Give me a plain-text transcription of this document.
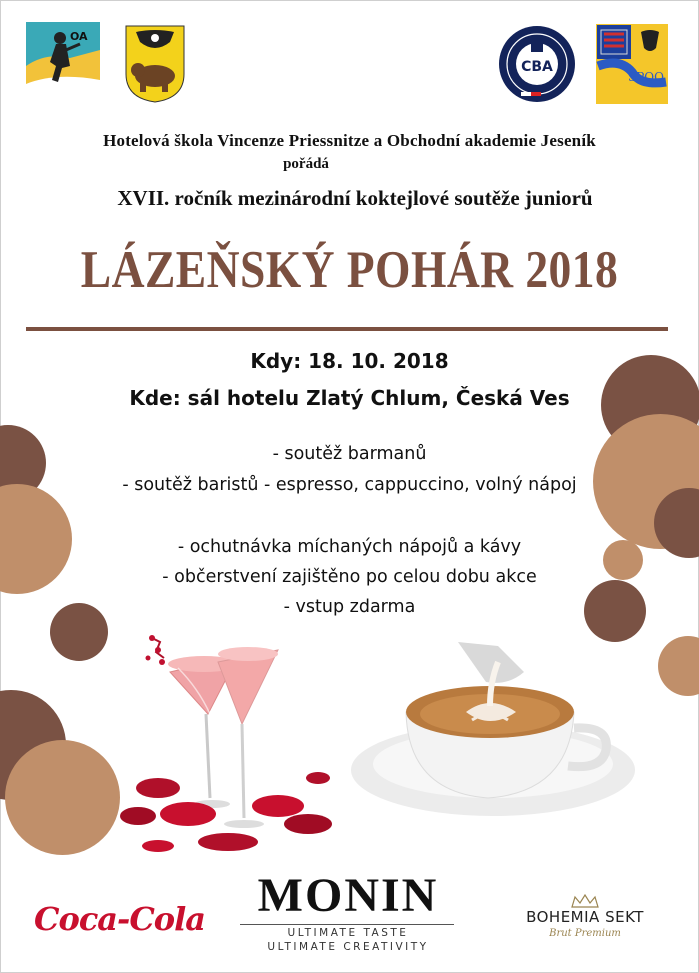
OA
CBA
SPQO
Hotelová škola Vincenze Priessnitze a Obchodní akademie Jeseník
pořádá
XVII. ročník mezinárodní koktejlové soutěže juniorů
LÁZEŇSKÝ POHÁR 2018
Kdy: 18. 10. 2018
Kde: sál hotelu Zlatý Chlum, Česká Ves
- soutěž barmanů
- soutěž baristů - espresso, cappuccino, volný nápoj
- ochutnávka míchaných nápojů a kávy
- občerstvení zajištěno po celou dobu akce
- vstup zdarma
Coca-Cola	MONIN
ULTIMATE TASTE
ULTIMATE CREATIVITY
BOHEMIA SEKT
Brut Premium
